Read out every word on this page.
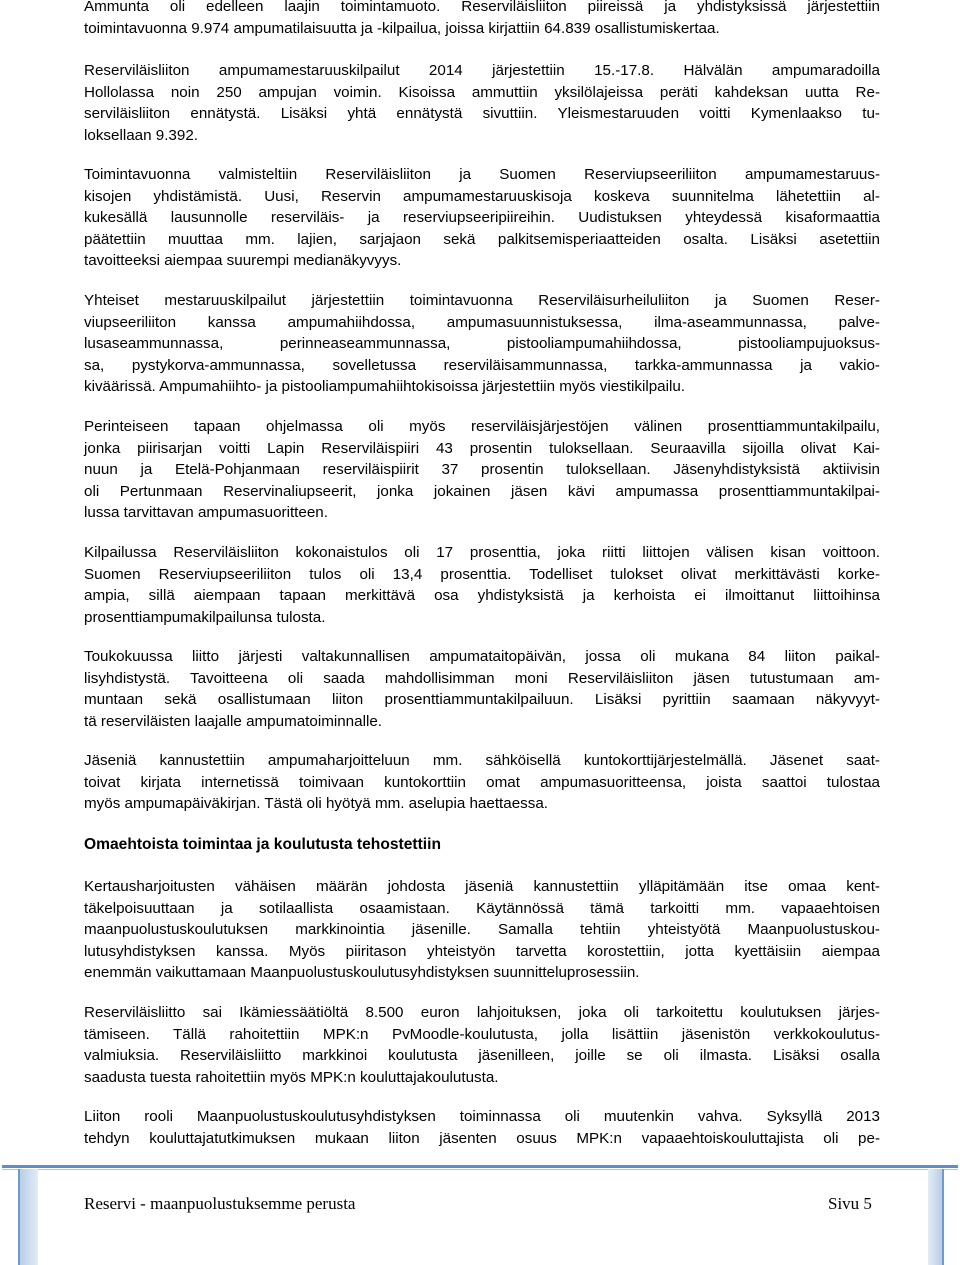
Ammunta oli edelleen laajin toimintamuoto. Reserviläisliiton piireissä ja yhdistyksissä järjestettiin
toimintavuonna 9.974 ampumatilaisuutta ja -kilpailua, joissa kirjattiin 64.839 osallistumiskertaa.
Reserviläisliiton ampumamestaruuskilpailut 2014 järjestettiin 15.-17.8. Hälvälän ampumaradoilla
Hollolassa noin 250 ampujan voimin. Kisoissa ammuttiin yksilölajeissa peräti kahdeksan uutta Re-
serviläisliiton ennätystä. Lisäksi yhtä ennätystä sivuttiin. Yleismestaruuden voitti Kymenlaakso tu-
loksellaan 9.392.
Toimintavuonna valmisteltiin Reserviläisliiton ja Suomen Reserviupseeriliiton ampumamestaruus-
kisojen yhdistämistä. Uusi, Reservin ampumamestaruuskisoja koskeva suunnitelma lähetettiin al-
kukesällä lausunnolle reserviläis- ja reserviupseeripiireihin. Uudistuksen yhteydessä kisaformaattia
päätettiin muuttaa mm. lajien, sarjajaon sekä palkitsemisperiaatteiden osalta. Lisäksi asetettiin
tavoitteeksi aiempaa suurempi medianäkyvyys.
Yhteiset mestaruuskilpailut järjestettiin toimintavuonna Reserviläisurheiluliiton ja Suomen Reser-
viupseeriliiton kanssa ampumahiihdossa, ampumasuunnistuksessa, ilma-aseammunnassa, palve-
lusaseammunnassa, perinneaseammunnassa, pistooliampumahiihdossa, pistooliampujuoksus-
sa, pystykorva-ammunnassa, sovelletussa reserviläisammunnassa, tarkka-ammunnassa ja vakio-
kiväärissä. Ampumahiihto- ja pistooliampumahiihtokisoissa järjestettiin myös viestikilpailu.
Perinteiseen tapaan ohjelmassa oli myös reserviläisjärjestöjen välinen prosenttiammuntakilpailu,
jonka piirisarjan voitti Lapin Reserviläispiiri 43 prosentin tuloksellaan. Seuraavilla sijoilla olivat Kai-
nuun ja Etelä-Pohjanmaan reserviläispiirit 37 prosentin tuloksellaan. Jäsenyhdistyksistä aktiivisin
oli Pertunmaan Reservinaliupseerit, jonka jokainen jäsen kävi ampumassa prosenttiammuntakilpai-
lussa tarvittavan ampumasuoritteen.
Kilpailussa Reserviläisliiton kokonaistulos oli 17 prosenttia, joka riitti liittojen välisen kisan voittoon.
Suomen Reserviupseeriliiton tulos oli 13,4 prosenttia. Todelliset tulokset olivat merkittävästi korke-
ampia, sillä aiempaan tapaan merkittävä osa yhdistyksistä ja kerhoista ei ilmoittanut liittoihinsa
prosenttiampumakilpailunsa tulosta.
Toukokuussa liitto järjesti valtakunnallisen ampumataitopäivän, jossa oli mukana 84 liiton paikal-
lisyhdistystä. Tavoitteena oli saada mahdollisimman moni Reserviläisliiton jäsen tutustumaan am-
muntaan sekä osallistumaan liiton prosenttiammuntakilpailuun. Lisäksi pyrittiin saamaan näkyvyyt-
tä reserviläisten laajalle ampumatoiminnalle.
Jäseniä kannustettiin ampumaharjoitteluun mm. sähköisellä kuntokorttijärjestelmällä. Jäsenet saat-
toivat kirjata internetissä toimivaan kuntokorttiin omat ampumasuoritteensa, joista saattoi tulostaa
myös ampumapäiväkirjan. Tästä oli hyötyä mm. aselupia haettaessa.
Omaehtoista toimintaa ja koulutusta tehostettiin
Kertausharjoitusten vähäisen määrän johdosta jäseniä kannustettiin ylläpitämään itse omaa kent-
täkelpoisuuttaan ja sotilaallista osaamistaan. Käytännössä tämä tarkoitti mm. vapaaehtoisen
maanpuolustuskoulutuksen markkinointia jäsenille. Samalla tehtiin yhteistyötä Maanpuolustuskou-
lutusyhdistyksen kanssa. Myös piiritason yhteistyön tarvetta korostettiin, jotta kyettäisiin aiempaa
enemmän vaikuttamaan Maanpuolustuskoulutusyhdistyksen suunnitteluprosessiin.
Reserviläisliitto sai Ikämiessäätiöltä 8.500 euron lahjoituksen, joka oli tarkoitettu koulutuksen järjes-
tämiseen. Tällä rahoitettiin MPK:n PvMoodle-koulutusta, jolla lisättiin jäsenistön verkkokoulutus-
valmiuksia. Reserviläisliitto markkinoi koulutusta jäsenilleen, joille se oli ilmasta. Lisäksi osalla
saadusta tuesta rahoitettiin myös MPK:n kouluttajakoulutusta.
Liiton rooli Maanpuolustuskoulutusyhdistyksen toiminnassa oli muutenkin vahva. Syksyllä 2013
tehdyn kouluttajatutkimuksen mukaan liiton jäsenten osuus MPK:n vapaaehtoiskouluttajista oli pe-
Reservi - maanpuolustuksemme perusta	Sivu 5
